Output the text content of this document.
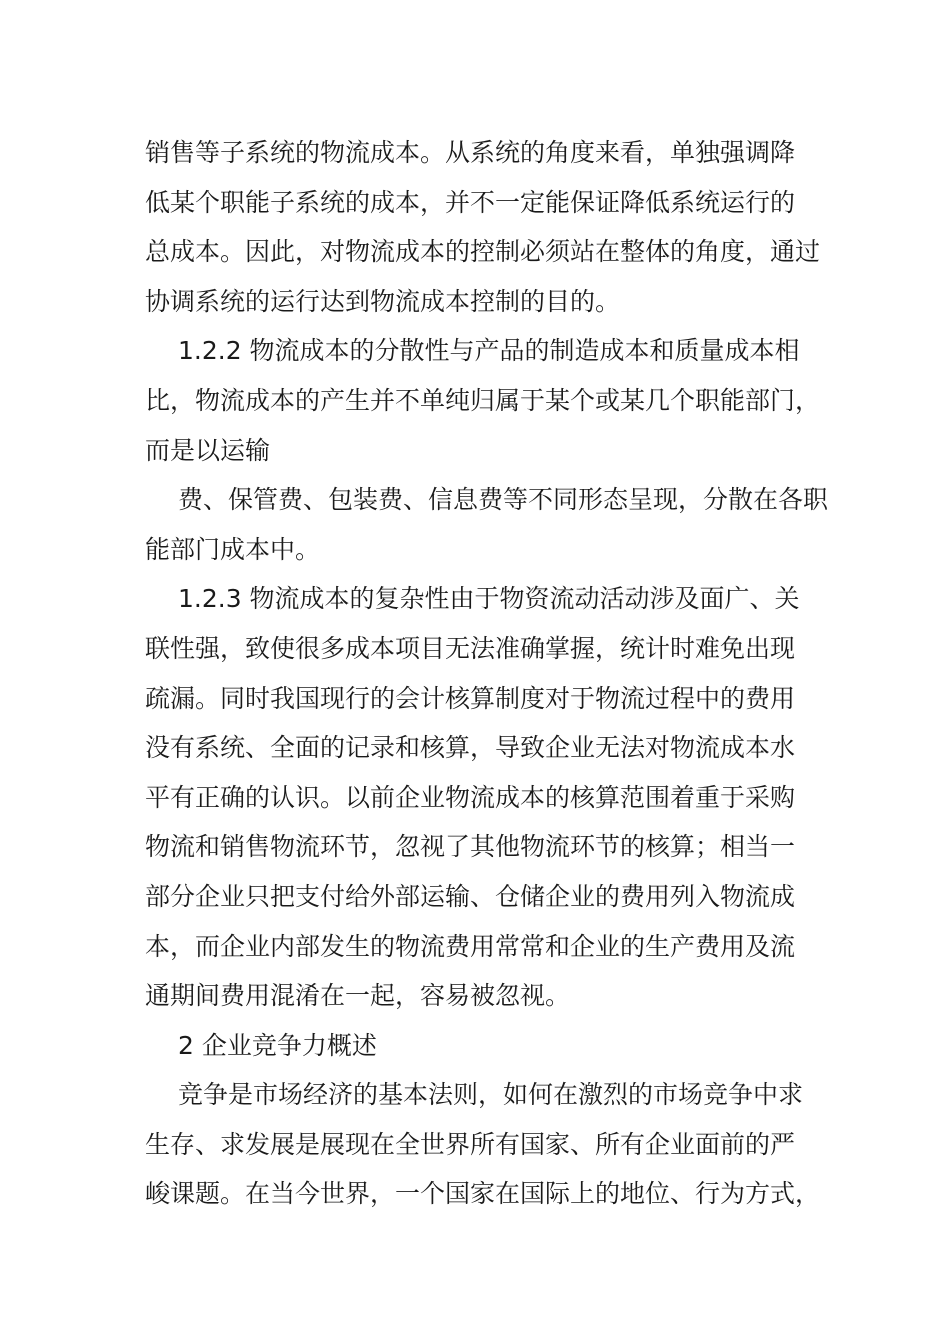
销售等子系统的物流成本。从系统的角度来看，单独强调降
低某个职能子系统的成本，并不一定能保证降低系统运行的
总成本。因此，对物流成本的控制必须站在整体的角度，通过
协调系统的运行达到物流成本控制的目的。
1.2.2 物流成本的分散性与产品的制造成本和质量成本相
比，物流成本的产生并不单纯归属于某个或某几个职能部门，
而是以运输
费、保管费、包装费、信息费等不同形态呈现，分散在各职
能部门成本中。
1.2.3 物流成本的复杂性由于物资流动活动涉及面广、关
联性强，致使很多成本项目无法准确掌握，统计时难免出现
疏漏。同时我国现行的会计核算制度对于物流过程中的费用
没有系统、全面的记录和核算，导致企业无法对物流成本水
平有正确的认识。以前企业物流成本的核算范围着重于采购
物流和销售物流环节，忽视了其他物流环节的核算；相当一
部分企业只把支付给外部运输、仓储企业的费用列入物流成
本，而企业内部发生的物流费用常常和企业的生产费用及流
通期间费用混淆在一起，容易被忽视。
2 企业竞争力概述
竞争是市场经济的基本法则，如何在激烈的市场竞争中求
生存、求发展是展现在全世界所有国家、所有企业面前的严
峻课题。在当今世界，一个国家在国际上的地位、行为方式，
